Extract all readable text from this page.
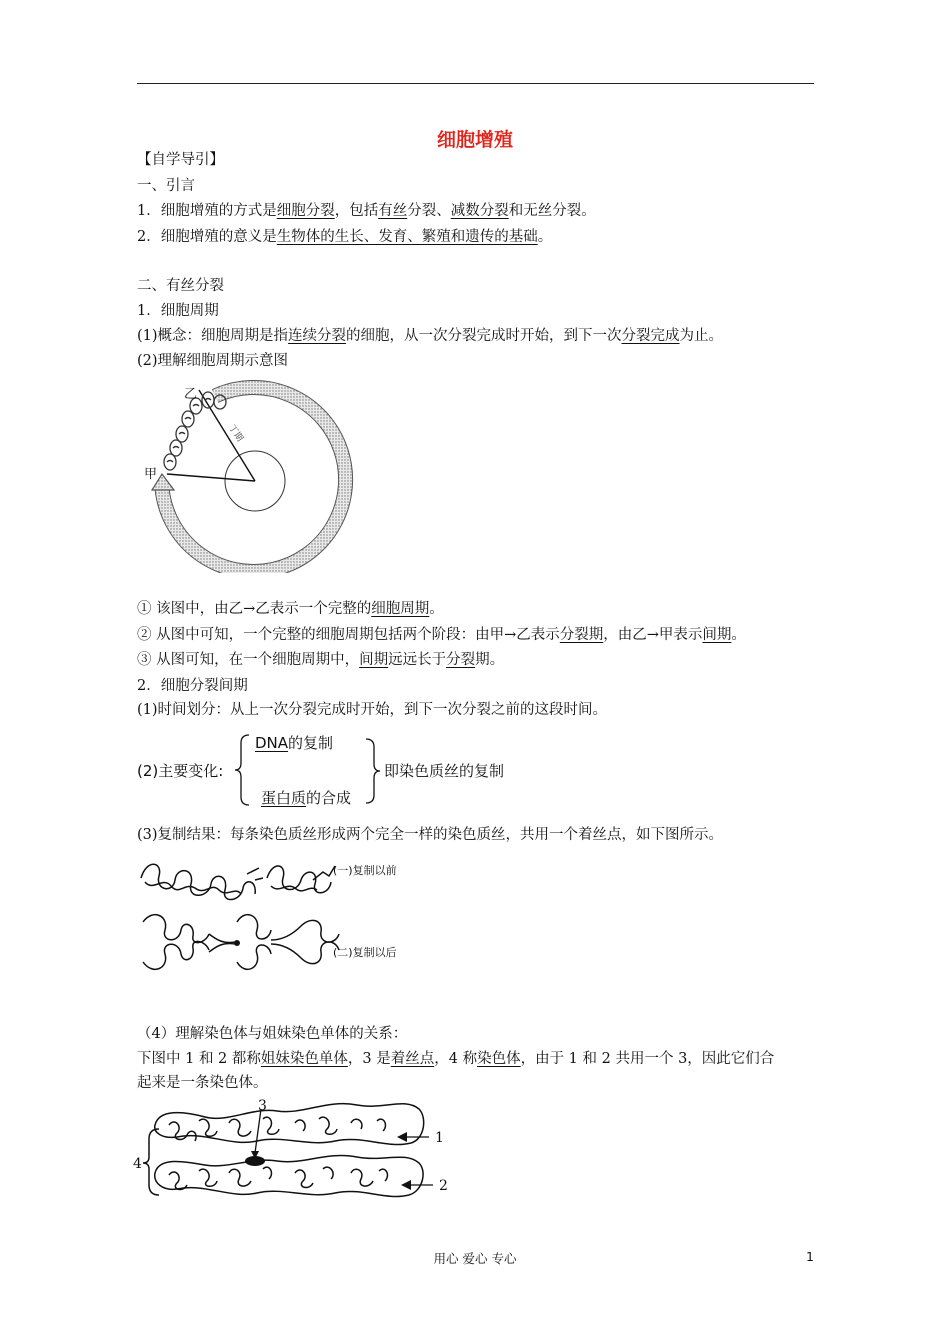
细胞增殖
【自学导引】
一、引言
1．细胞增殖的方式是细胞分裂，包括有丝分裂、减数分裂和无丝分裂。
2．细胞增殖的意义是生物体的生长、发育、繁殖和遗传的基础。
二、有丝分裂
1．细胞周期
(1)概念：细胞周期是指连续分裂的细胞，从一次分裂完成时开始，到下一次分裂完成为止。
(2)理解细胞周期示意图
甲
乙
丁期
① 该图中，由乙→乙表示一个完整的细胞周期。
② 从图中可知，一个完整的细胞周期包括两个阶段：由甲→乙表示分裂期，由乙→甲表示间期。
③ 从图可知，在一个细胞周期中，间期远远长于分裂期。
2．细胞分裂间期
(1)时间划分：从上一次分裂完成时开始，到下一次分裂之前的这段时间。
(2)主要变化:
DNA的复制
蛋白质的合成
即染色质丝的复制
(3)复制结果：每条染色质丝形成两个完全一样的染色质丝，共用一个着丝点，如下图所示。
(一)复制以前
(二)复制以后
（4）理解染色体与姐妹染色单体的关系：
下图中 1 和 2 都称姐妹染色单体，3 是着丝点，4 称染色体，由于 1 和 2 共用一个 3，因此它们合
起来是一条染色体。
3
1
2
4
用心 爱心 专心	1
